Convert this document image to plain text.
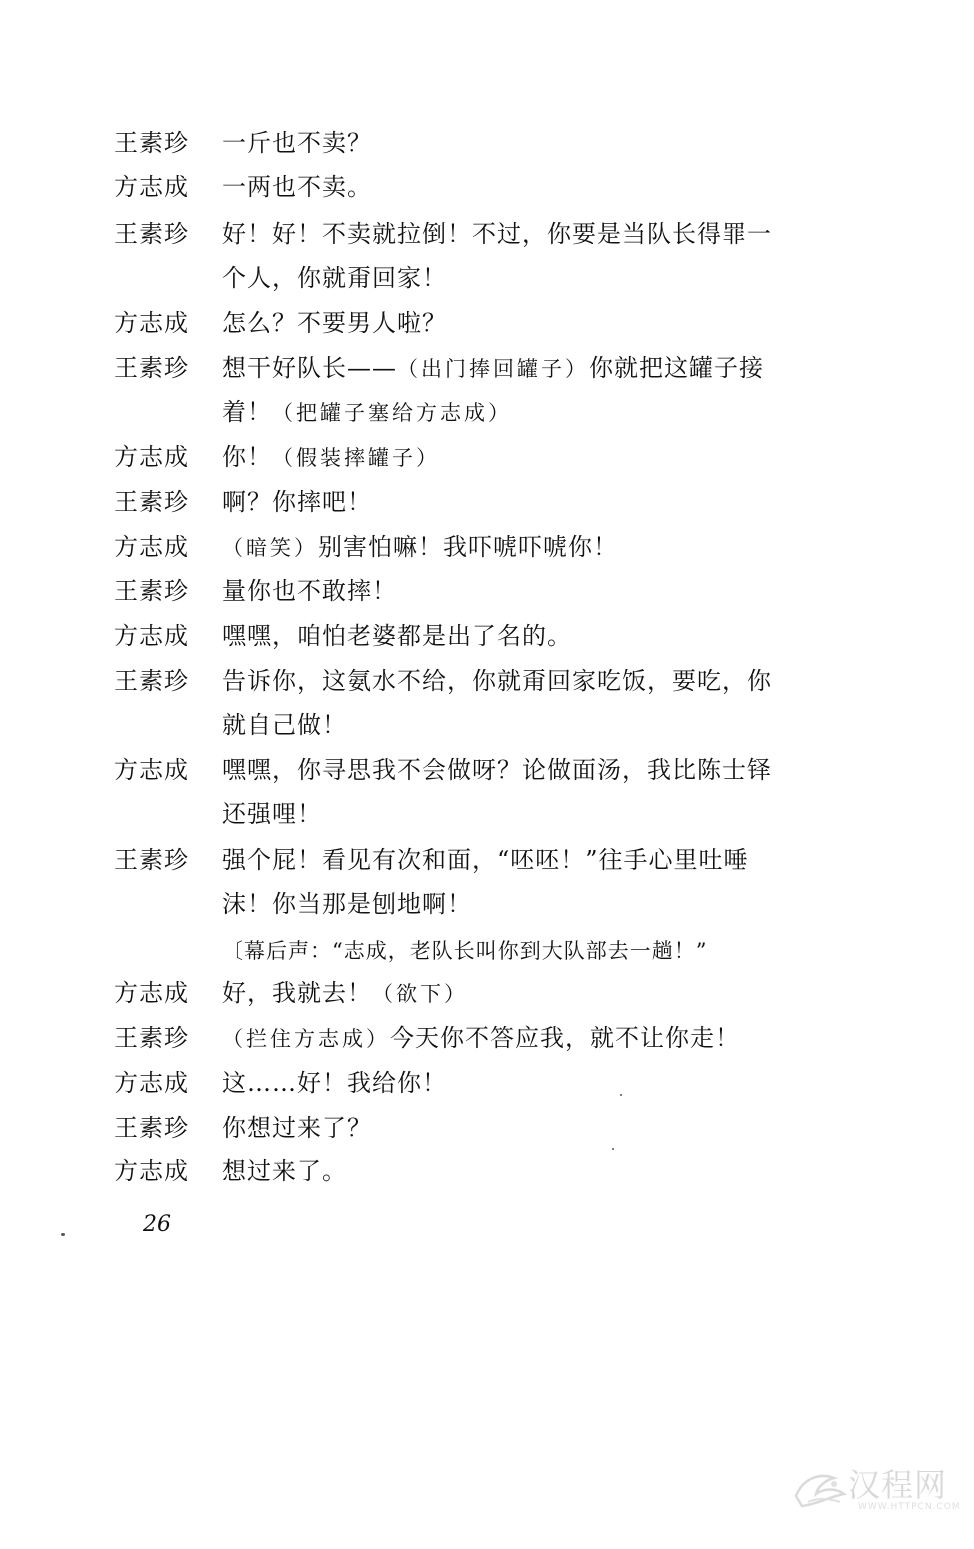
王素珍 一斤也不卖？
方志成 一两也不卖。
王素珍 好！好！不卖就拉倒！不过，你要是当队长得罪一
个人，你就甭回家！
方志成 怎么？不要男人啦？
王素珍 想干好队长——（出门捧回罐子）你就把这罐子接
着！（把罐子塞给方志成）
方志成 你！（假装摔罐子）
王素珍 啊？你摔吧！
方志成 （暗笑）别害怕嘛！我吓唬吓唬你！
王素珍 量你也不敢摔！
方志成 嘿嘿，咱怕老婆都是出了名的。
王素珍 告诉你，这氨水不给，你就甭回家吃饭，要吃，你
就自己做！
方志成 嘿嘿，你寻思我不会做呀？论做面汤，我比陈士铎
还强哩！
王素珍 强个屁！看见有次和面，“呸呸！”往手心里吐唾
沫！你当那是刨地啊！
〔幕后声：“志成，老队长叫你到大队部去一趟！”
方志成 好，我就去！（欲下）
王素珍 （拦住方志成）今天你不答应我，就不让你走！
方志成 这……好！我给你！
王素珍 你想过来了？
方志成 想过来了。
26
汉程网
WWW.HTTPCN.COM
